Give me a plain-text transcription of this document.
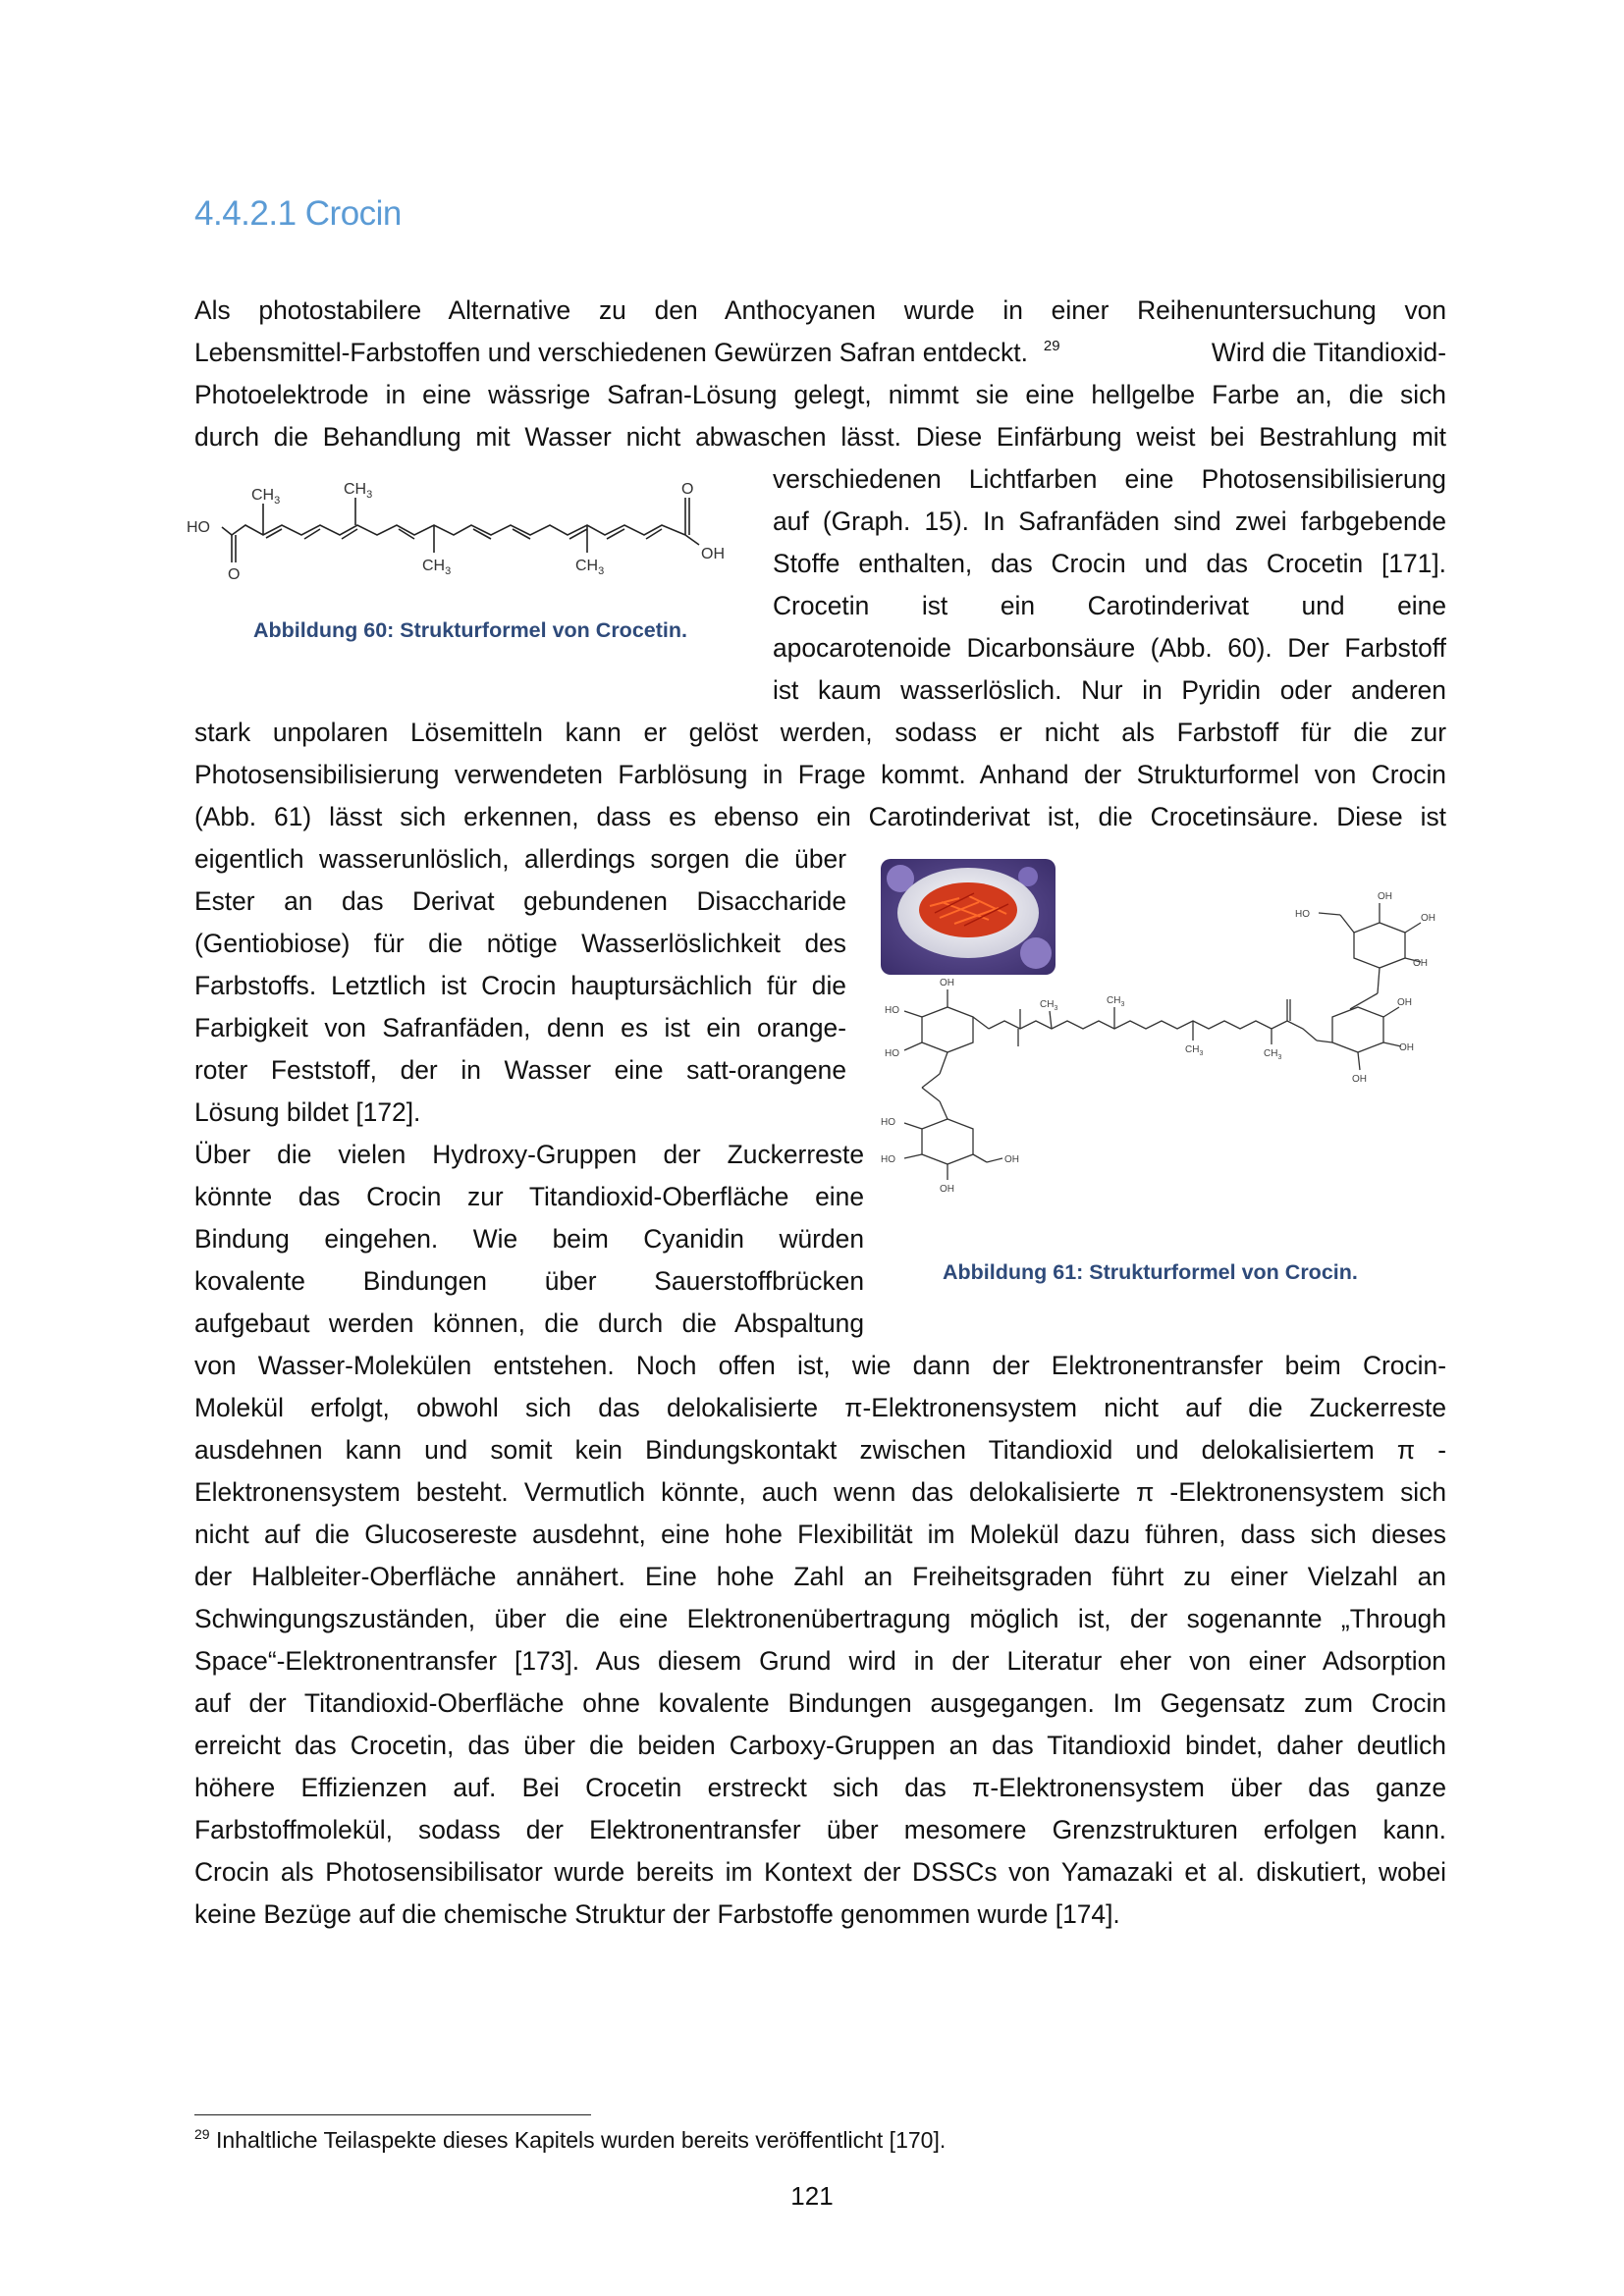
4.4.2.1 Crocin
Als photostabilere Alternative zu den Anthocyanen wurde in einer Reihenuntersuchung von
Lebensmittel-Farbstoffen und verschiedenen Gewürzen Safran entdeckt. $^{29}$	Wird die Titandioxid-
Photoelektrode in eine wässrige Safran-Lösung gelegt, nimmt sie eine hellgelbe Farbe an, die sich
durch die Behandlung mit Wasser nicht abwaschen lässt. Diese Einfärbung weist bei Bestrahlung mit
verschiedenen Lichtfarben eine Photosensibilisierung
auf (Graph. 15). In Safranfäden sind zwei farbgebende
Stoffe enthalten, das Crocin und das Crocetin [171].
Crocetin ist ein Carotinderivat und eine
apocarotenoide Dicarbonsäure (Abb. 60). Der Farbstoff
ist kaum wasserlöslich. Nur in Pyridin oder anderen
stark unpolaren Lösemitteln kann er gelöst werden, sodass er nicht als Farbstoff für die zur
Photosensibilisierung verwendeten Farblösung in Frage kommt. Anhand der Strukturformel von Crocin
(Abb. 61) lässt sich erkennen, dass es ebenso ein Carotinderivat ist, die Crocetinsäure. Diese ist
eigentlich wasserunlöslich, allerdings sorgen die über
Ester an das Derivat gebundenen Disaccharide
(Gentiobiose) für die nötige Wasserlöslichkeit des
Farbstoffs. Letztlich ist Crocin hauptursächlich für die
Farbigkeit von Safranfäden, denn es ist ein orange-
roter Feststoff, der in Wasser eine satt-orangene
Lösung bildet [172].
Über die vielen Hydroxy-Gruppen der Zuckerreste
könnte das Crocin zur Titandioxid-Oberfläche eine
Bindung eingehen. Wie beim Cyanidin würden
kovalente Bindungen über Sauerstoffbrücken
aufgebaut werden können, die durch die Abspaltung
von Wasser-Molekülen entstehen. Noch offen ist, wie dann der Elektronentransfer beim Crocin-
Molekül erfolgt, obwohl sich das delokalisierte π-Elektronensystem nicht auf die Zuckerreste
ausdehnen kann und somit kein Bindungskontakt zwischen Titandioxid und delokalisiertem π -
Elektronensystem besteht. Vermutlich könnte, auch wenn das delokalisierte π -Elektronensystem sich
nicht auf die Glucosereste ausdehnt, eine hohe Flexibilität im Molekül dazu führen, dass sich dieses
der Halbleiter-Oberfläche annähert. Eine hohe Zahl an Freiheitsgraden führt zu einer Vielzahl an
Schwingungszuständen, über die eine Elektronenübertragung möglich ist, der sogenannte „Through
Space“-Elektronentransfer [173]. Aus diesem Grund wird in der Literatur eher von einer Adsorption
auf der Titandioxid-Oberfläche ohne kovalente Bindungen ausgegangen. Im Gegensatz zum Crocin
erreicht das Crocetin, das über die beiden Carboxy-Gruppen an das Titandioxid bindet, daher deutlich
höhere Effizienzen auf. Bei Crocetin erstreckt sich das π-Elektronensystem über das ganze
Farbstoffmolekül, sodass der Elektronentransfer über mesomere Grenzstrukturen erfolgen kann.
Crocin als Photosensibilisator wurde bereits im Kontext der DSSCs von Yamazaki et al. diskutiert, wobei
keine Bezüge auf die chemische Struktur der Farbstoffe genommen wurde [174].
HO
O
$CH_3$
$CH_3$
$CH_3$	$CH_3$
O
OH
Abbildung 60: Strukturformel von Crocetin.
OH
OH
OH
HO
OH
OH
OH
OH
HO
HO
HO
HO
OH
OH
$CH_3$
$CH_3$
$CH_3$	$CH_3$
Abbildung 61: Strukturformel von Crocin.
$^{29}$ Inhaltliche Teilaspekte dieses Kapitels wurden bereits veröffentlicht [170].
121
